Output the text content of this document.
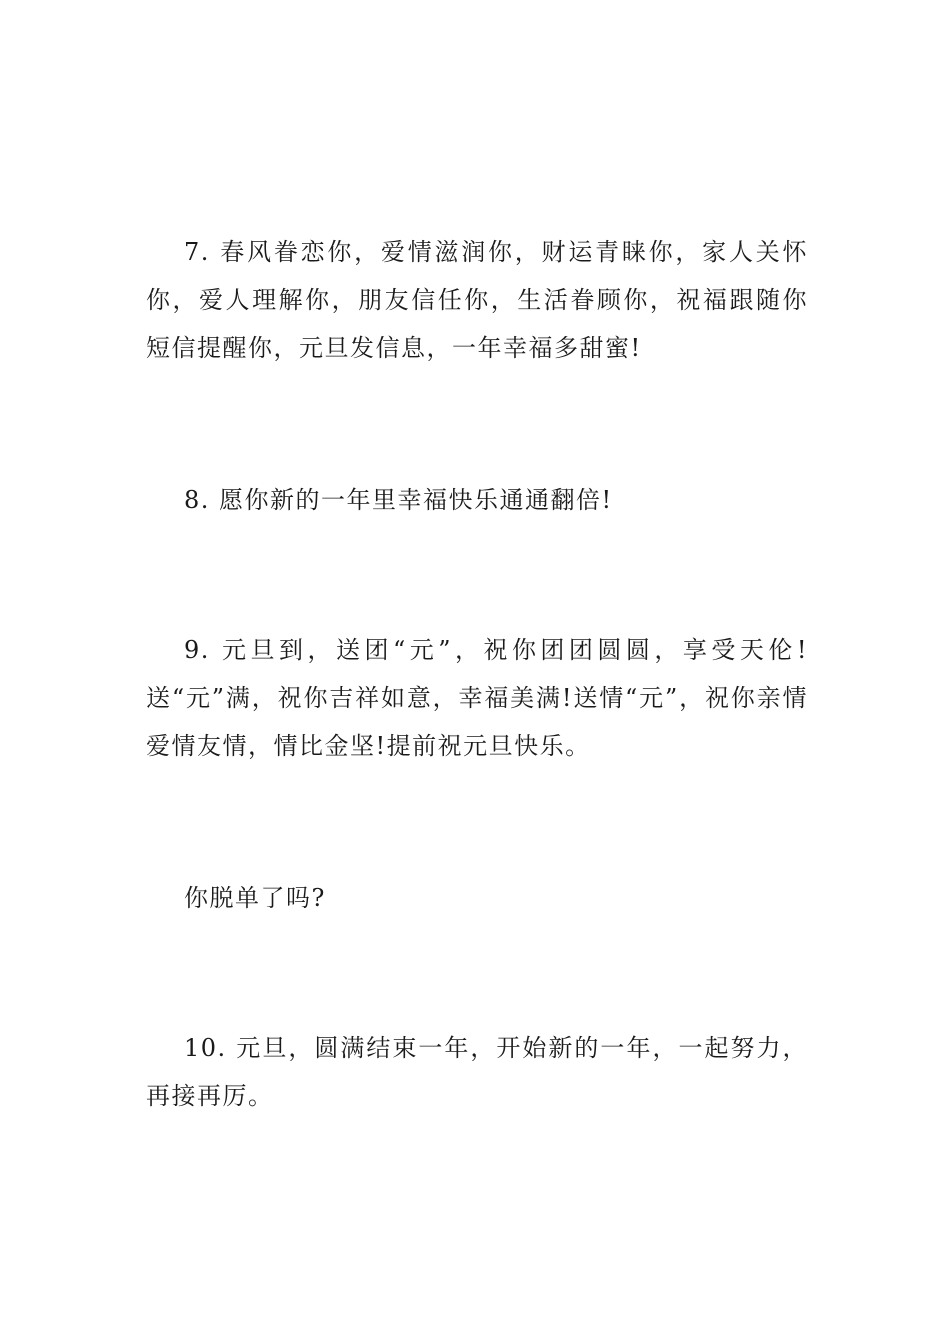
7. 春风眷恋你，爱情滋润你，财运青睐你，家人关怀你，爱人理解你，朋友信任你，生活眷顾你，祝福跟随你短信提醒你，元旦发信息，一年幸福多甜蜜!

8. 愿你新的一年里幸福快乐通通翻倍!

9. 元旦到，送团“元”，祝你团团圆圆，享受天伦!送“元”满，祝你吉祥如意，幸福美满!送情“元”，祝你亲情爱情友情，情比金坚!提前祝元旦快乐。

你脱单了吗?

10. 元旦，圆满结束一年，开始新的一年，一起努力，再接再厉。
